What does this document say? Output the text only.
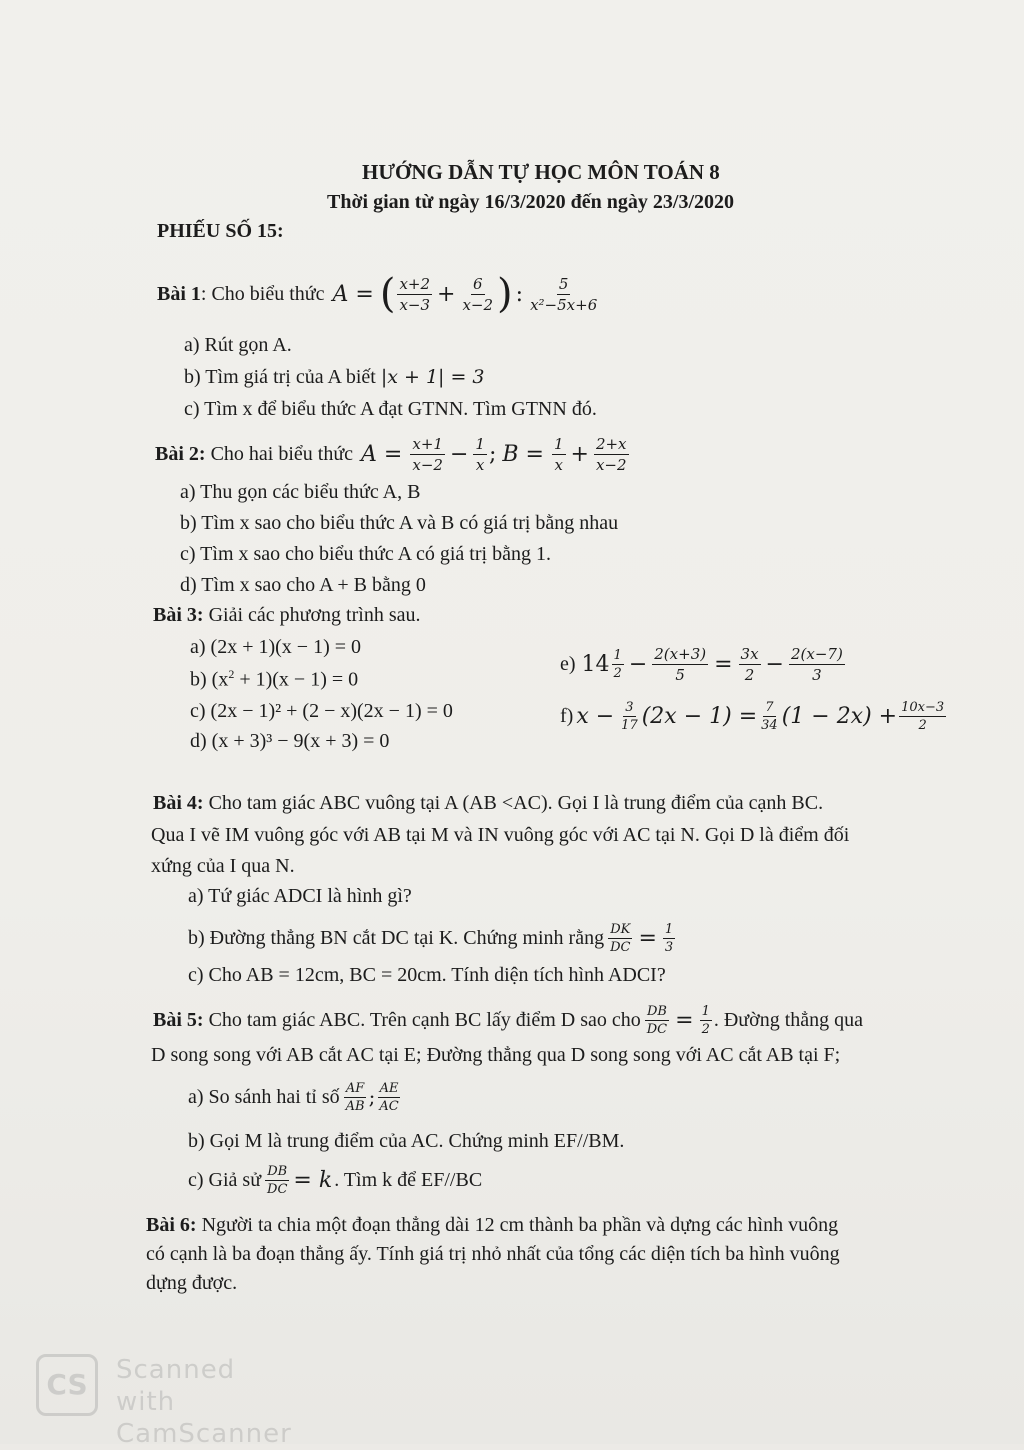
HƯỚNG DẪN TỰ HỌC MÔN TOÁN 8
Thời gian từ ngày 16/3/2020 đến ngày 23/3/2020
PHIẾU SỐ 15:
Bài 1 : Cho biểu thức A = ( $\frac{x+2}{x-3} + \frac{6}{x-2}$ ) : $\frac{5}{\text{x²−5x+6}}$
a) Rút gọn A.
b) Tìm giá trị của A biết |x + 1| = 3
c) Tìm x để biểu thức A đạt GTNN. Tìm GTNN đó.
Bài 2:
Cho hai biểu thức $A = \frac{x+1}{x-2} - \frac{1}{x}$ ; $B = \frac{1}{x} + \frac{2+x}{x-2}$
a) Thu gọn các biểu thức A, B
b) Tìm x sao cho biểu thức A và B có giá trị bằng nhau
c) Tìm x sao cho biểu thức A có giá trị bằng 1.
d) Tìm x sao cho A + B bằng 0
Bài 3: Giải các phương trình sau.
a) (2x + 1)(x − 1) = 0
b) $(x^2 + 1)(x - 1) = 0$
c) (2x − 1)² + (2 − x)(2x − 1) = 0
d) (x + 3)³ − 9(x + 3) = 0
e) $14 \frac{1}{2} - \frac{2(x+3)}{5} = \frac{3x}{2} - \frac{2(x-7)}{3}$
f) $x - \frac{3}{17} (2x - 1) = \frac{7}{34} (1 - 2x) + \frac{10x-3}{2}$
Bài 4: Cho tam giác ABC vuông tại A (AB <AC). Gọi I là trung điểm của cạnh BC.
Qua I vẽ IM vuông góc với AB tại M và IN vuông góc với AC tại N. Gọi D là điểm đối
xứng của I qua N.
a) Tứ giác ADCI là hình gì?
b) Đường thẳng BN cắt DC tại K. Chứng minh rằng $\frac{DK}{DC} = \frac{1}{3}$
c) Cho AB = 12cm, BC = 20cm. Tính diện tích hình ADCI?
Bài 5:
Cho tam giác ABC. Trên cạnh BC lấy điểm D sao cho $\frac{DB}{DC} = \frac{1}{2}$ . Đường thẳng qua
D song song với AB cắt AC tại E; Đường thẳng qua D song song với AC cắt AB tại F;
a) So sánh hai tỉ số $\frac{AF}{AB}$ ; $\frac{AE}{AC}$
b) Gọi M là trung điểm của AC. Chứng minh EF//BM.
c) Giả sử $\frac{DB}{DC} = k$ . Tìm k để EF//BC
Bài 6: Người ta chia một đoạn thẳng dài 12 cm thành ba phần và dựng các hình vuông
có cạnh là ba đoạn thẳng ấy. Tính giá trị nhỏ nhất của tổng các diện tích ba hình vuông
dựng được.
CS	Scanned with
CamScanner
